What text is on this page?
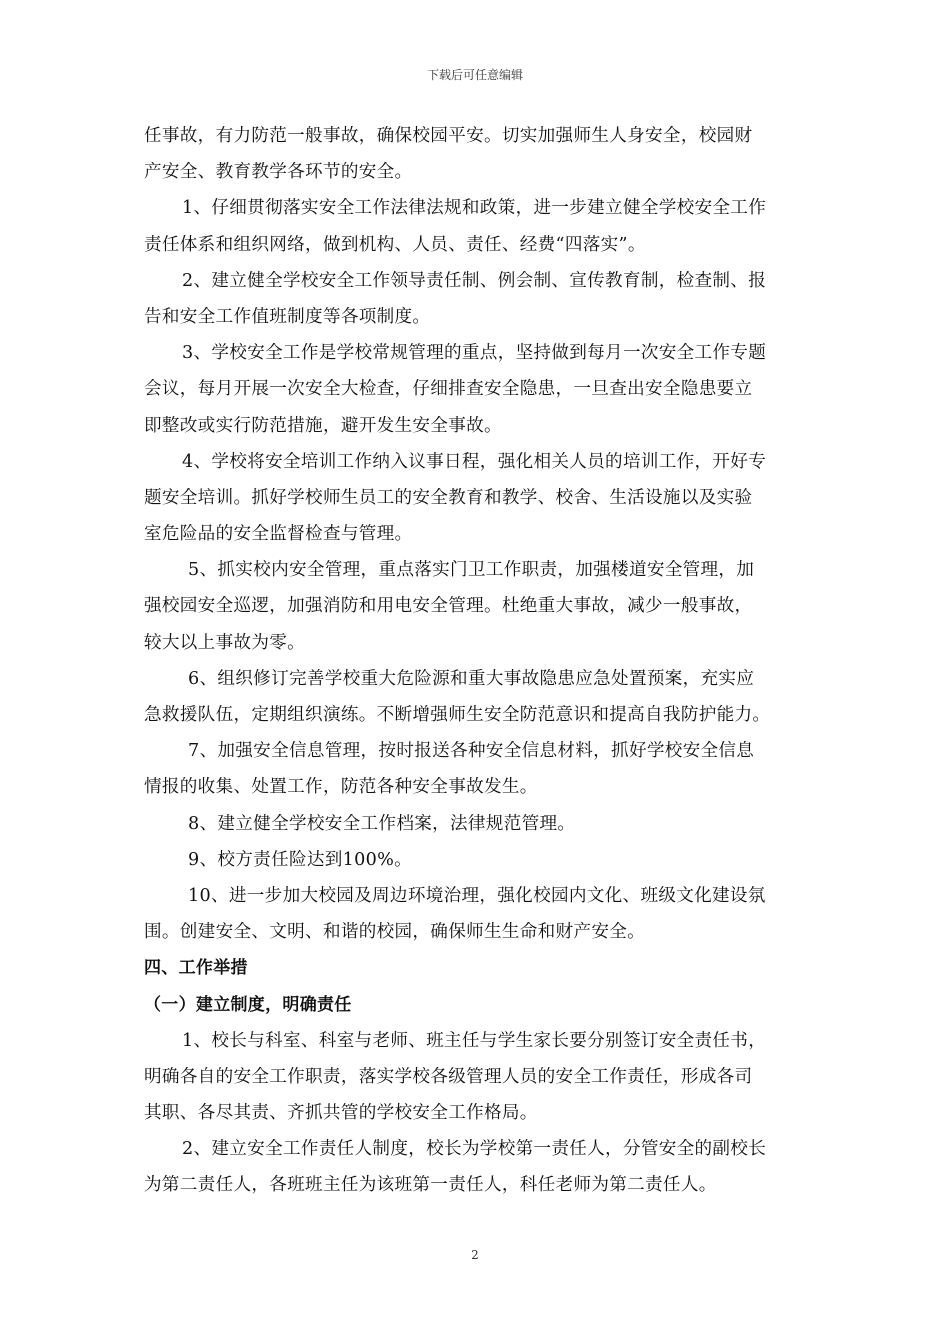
下载后可任意编辑
任事故，有力防范一般事故，确保校园平安。切实加强师生人身安全，校园财
产安全、教育教学各环节的安全。
1、仔细贯彻落实安全工作法律法规和政策，进一步建立健全学校安全工作
责任体系和组织网络，做到机构、人员、责任、经费“四落实”。
2、建立健全学校安全工作领导责任制、例会制、宣传教育制，检查制、报
告和安全工作值班制度等各项制度。
3、学校安全工作是学校常规管理的重点，坚持做到每月一次安全工作专题
会议，每月开展一次安全大检查，仔细排查安全隐患，一旦查出安全隐患要立
即整改或实行防范措施，避开发生安全事故。
4、学校将安全培训工作纳入议事日程，强化相关人员的培训工作，开好专
题安全培训。抓好学校师生员工的安全教育和教学、校舍、生活设施以及实验
室危险品的安全监督检查与管理。
5、抓实校内安全管理，重点落实门卫工作职责，加强楼道安全管理，加
强校园安全巡逻，加强消防和用电安全管理。杜绝重大事故，减少一般事故，
较大以上事故为零。
6、组织修订完善学校重大危险源和重大事故隐患应急处置预案，充实应
急救援队伍，定期组织演练。不断增强师生安全防范意识和提高自我防护能力。
7、加强安全信息管理，按时报送各种安全信息材料，抓好学校安全信息
情报的收集、处置工作，防范各种安全事故发生。
8、建立健全学校安全工作档案，法律规范管理。
9、校方责任险达到100%。
10、进一步加大校园及周边环境治理，强化校园内文化、班级文化建设氛
围。创建安全、文明、和谐的校园，确保师生生命和财产安全。
四、工作举措
（一）建立制度，明确责任
1、校长与科室、科室与老师、班主任与学生家长要分别签订安全责任书，
明确各自的安全工作职责，落实学校各级管理人员的安全工作责任，形成各司
其职、各尽其责、齐抓共管的学校安全工作格局。
2、建立安全工作责任人制度，校长为学校第一责任人，分管安全的副校长
为第二责任人，各班班主任为该班第一责任人，科任老师为第二责任人。
2
